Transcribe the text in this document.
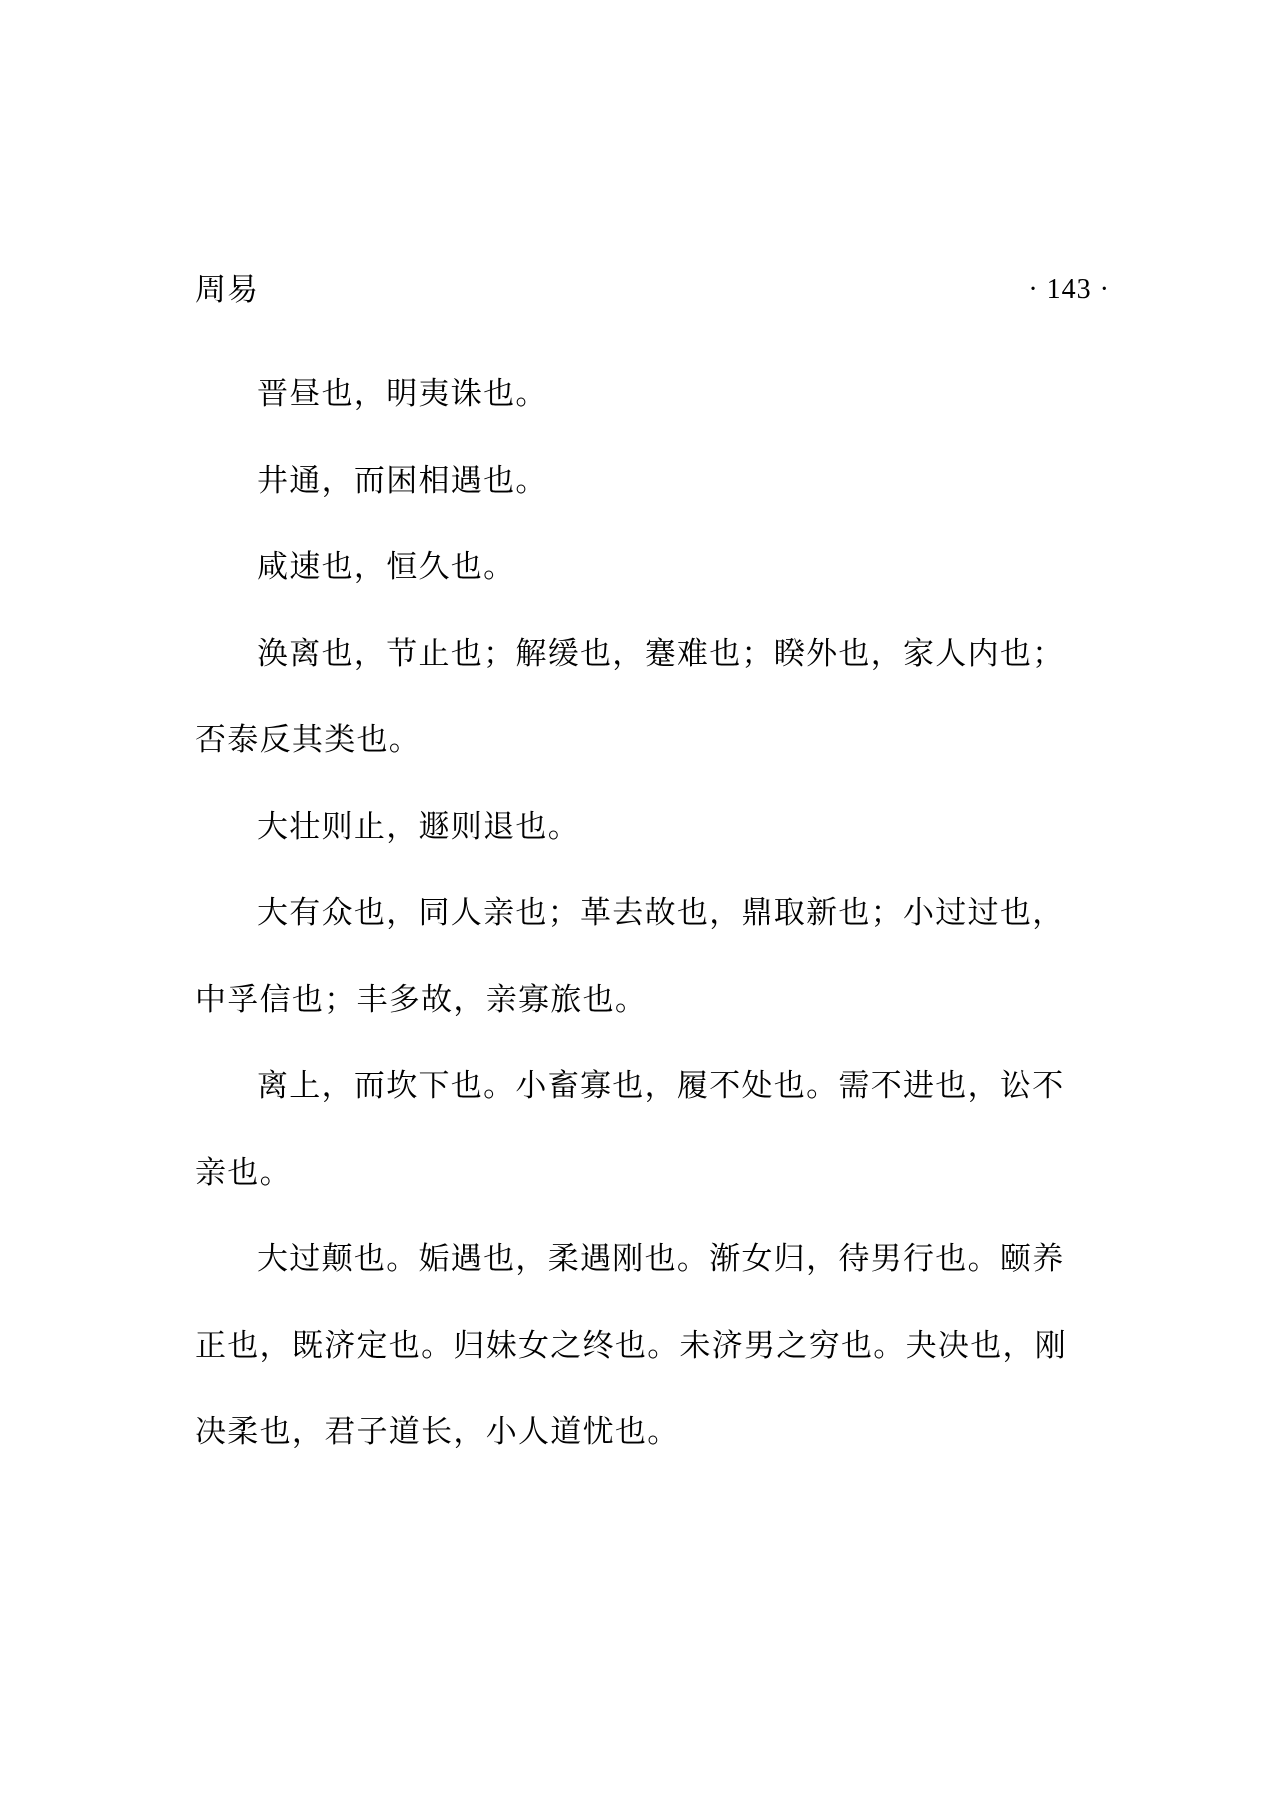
周易	· 143 ·

晋昼也，明夷诛也。

井通，而困相遇也。

咸速也，恒久也。

涣离也，节止也；解缓也，蹇难也；睽外也，家人内也；否泰反其类也。

大壮则止，遯则退也。

大有众也，同人亲也；革去故也，鼎取新也；小过过也，中孚信也；丰多故，亲寡旅也。

离上，而坎下也。小畜寡也，履不处也。需不进也，讼不亲也。

大过颠也。姤遇也，柔遇刚也。渐女归，待男行也。颐养正也，既济定也。归妹女之终也。未济男之穷也。夬决也，刚决柔也，君子道长，小人道忧也。
